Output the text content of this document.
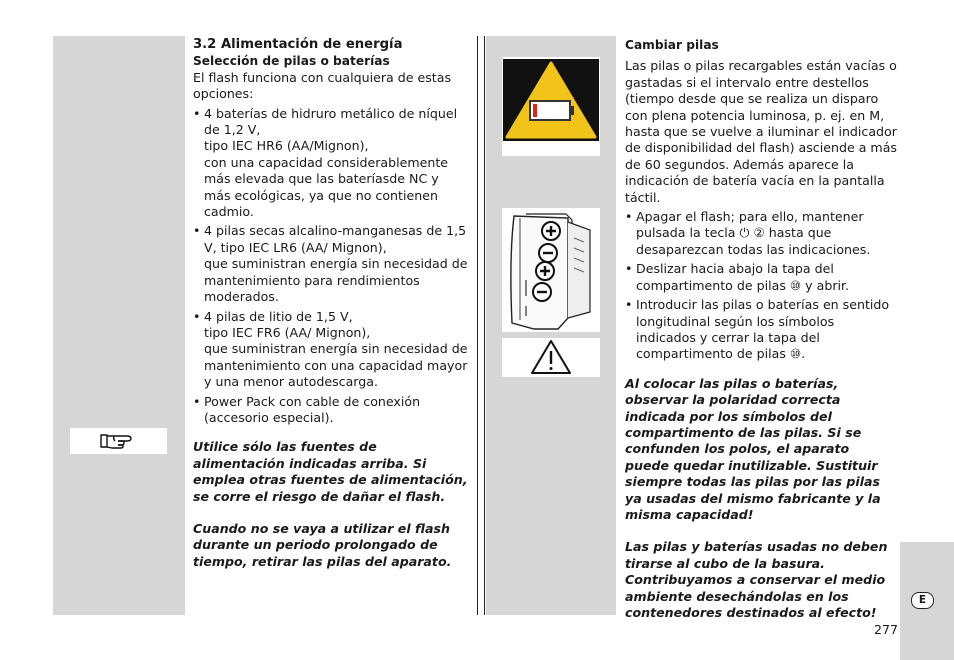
3.2 Alimentación de energía

Selección de pilas o baterías

El flash funciona con cualquiera de estas opciones:

• 4 baterías de hidruro metálico de níquel de 1,2 V,
tipo IEC HR6 (AA/Mignon),
con una capacidad considerablemente más elevada que las bateríasde NC y más ecológicas, ya que no contienen cadmio.
• 4 pilas secas alcalino-manganesas de 1,5 V, tipo IEC LR6 (AA/ Mignon),
que suministran energía sin necesidad de mantenimiento para rendimientos moderados.
• 4 pilas de litio de 1,5 V,
tipo IEC FR6 (AA/ Mignon),
que suministran energía sin necesidad de mantenimiento con una capacidad mayor y una menor autodescarga.
• Power Pack con cable de conexión (accesorio especial).

Utilice sólo las fuentes de alimentación indicadas arriba. Si emplea otras fuentes de alimentación, se corre el riesgo de dañar el flash.

Cuando no se vaya a utilizar el flash durante un periodo prolongado de tiempo, retirar las pilas del aparato.

Cambiar pilas

Las pilas o pilas recargables están vacías o gastadas si el intervalo entre destellos (tiempo desde que se realiza un disparo con plena potencia luminosa, p. ej. en M, hasta que se vuelve a iluminar el indicador de disponibilidad del flash) asciende a más de 60 segundos. Además aparece la indicación de batería vacía en la pantalla táctil.

• Apagar el flash; para ello, mantener pulsada la tecla ⏻ ② hasta que desaparezcan todas las indicaciones.
• Deslizar hacia abajo la tapa del compartimento de pilas ⑩ y abrir.
• Introducir las pilas o baterías en sentido longitudinal según los símbolos indicados y cerrar la tapa del compartimento de pilas ⑩.

Al colocar las pilas o baterías, observar la polaridad correcta indicada por los símbolos del compartimento de las pilas. Si se confunden los polos, el aparato puede quedar inutilizable. Sustituir siempre todas las pilas por las pilas ya usadas del mismo fabricante y la misma capacidad!

Las pilas y baterías usadas no deben tirarse al cubo de la basura. Contribuyamos a conservar el medio ambiente desechándolas en los contenedores destinados al efecto!

E
277
